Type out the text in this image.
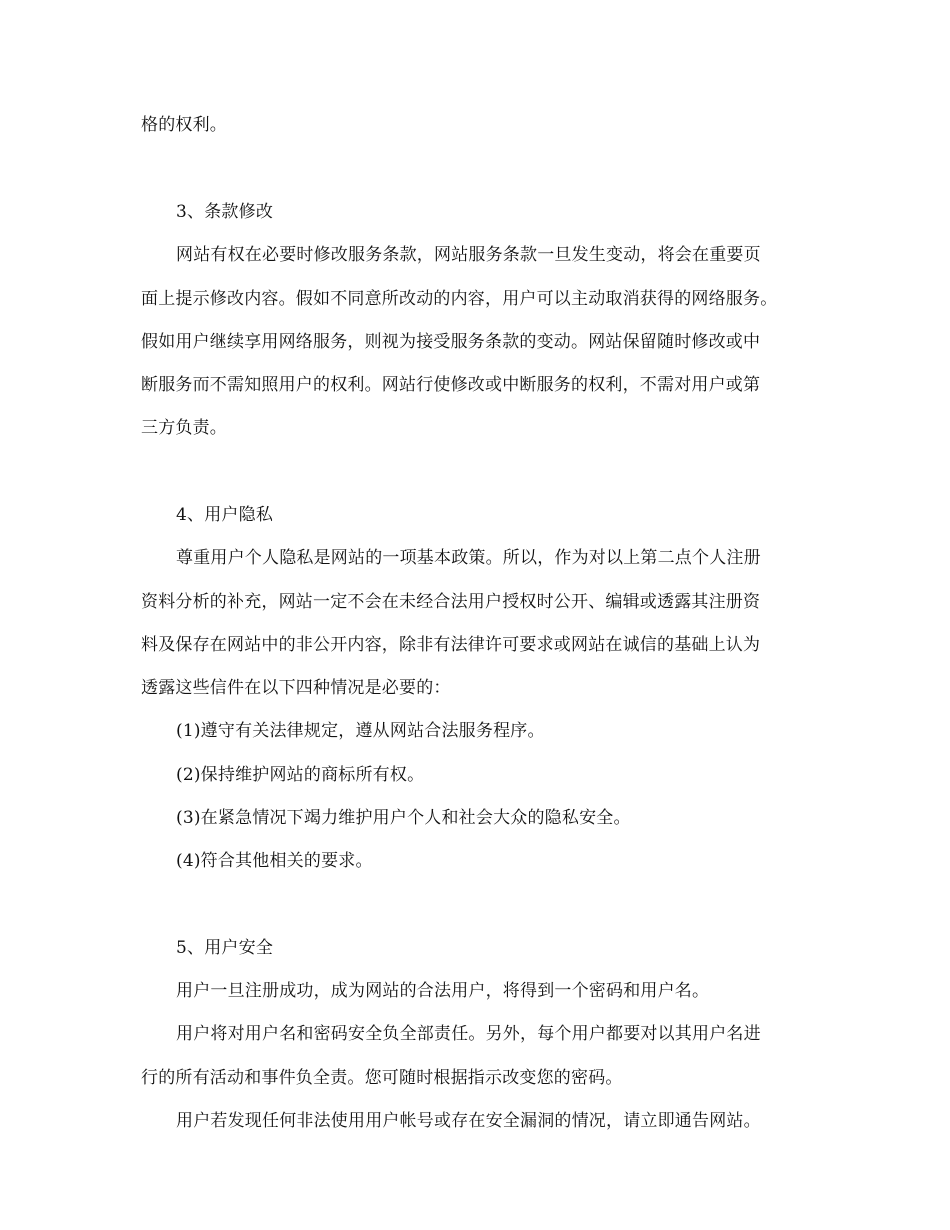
格的权利。
3、条款修改
网站有权在必要时修改服务条款，网站服务条款一旦发生变动，将会在重要页
面上提示修改内容。假如不同意所改动的内容，用户可以主动取消获得的网络服务。
假如用户继续享用网络服务，则视为接受服务条款的变动。网站保留随时修改或中
断服务而不需知照用户的权利。网站行使修改或中断服务的权利，不需对用户或第
三方负责。
4、用户隐私
尊重用户个人隐私是网站的一项基本政策。所以，作为对以上第二点个人注册
资料分析的补充，网站一定不会在未经合法用户授权时公开、编辑或透露其注册资
料及保存在网站中的非公开内容，除非有法律许可要求或网站在诚信的基础上认为
透露这些信件在以下四种情况是必要的：
(1)遵守有关法律规定，遵从网站合法服务程序。
(2)保持维护网站的商标所有权。
(3)在紧急情况下竭力维护用户个人和社会大众的隐私安全。
(4)符合其他相关的要求。
5、用户安全
用户一旦注册成功，成为网站的合法用户，将得到一个密码和用户名。
用户将对用户名和密码安全负全部责任。另外，每个用户都要对以其用户名进
行的所有活动和事件负全责。您可随时根据指示改变您的密码。
用户若发现任何非法使用用户帐号或存在安全漏洞的情况，请立即通告网站。
